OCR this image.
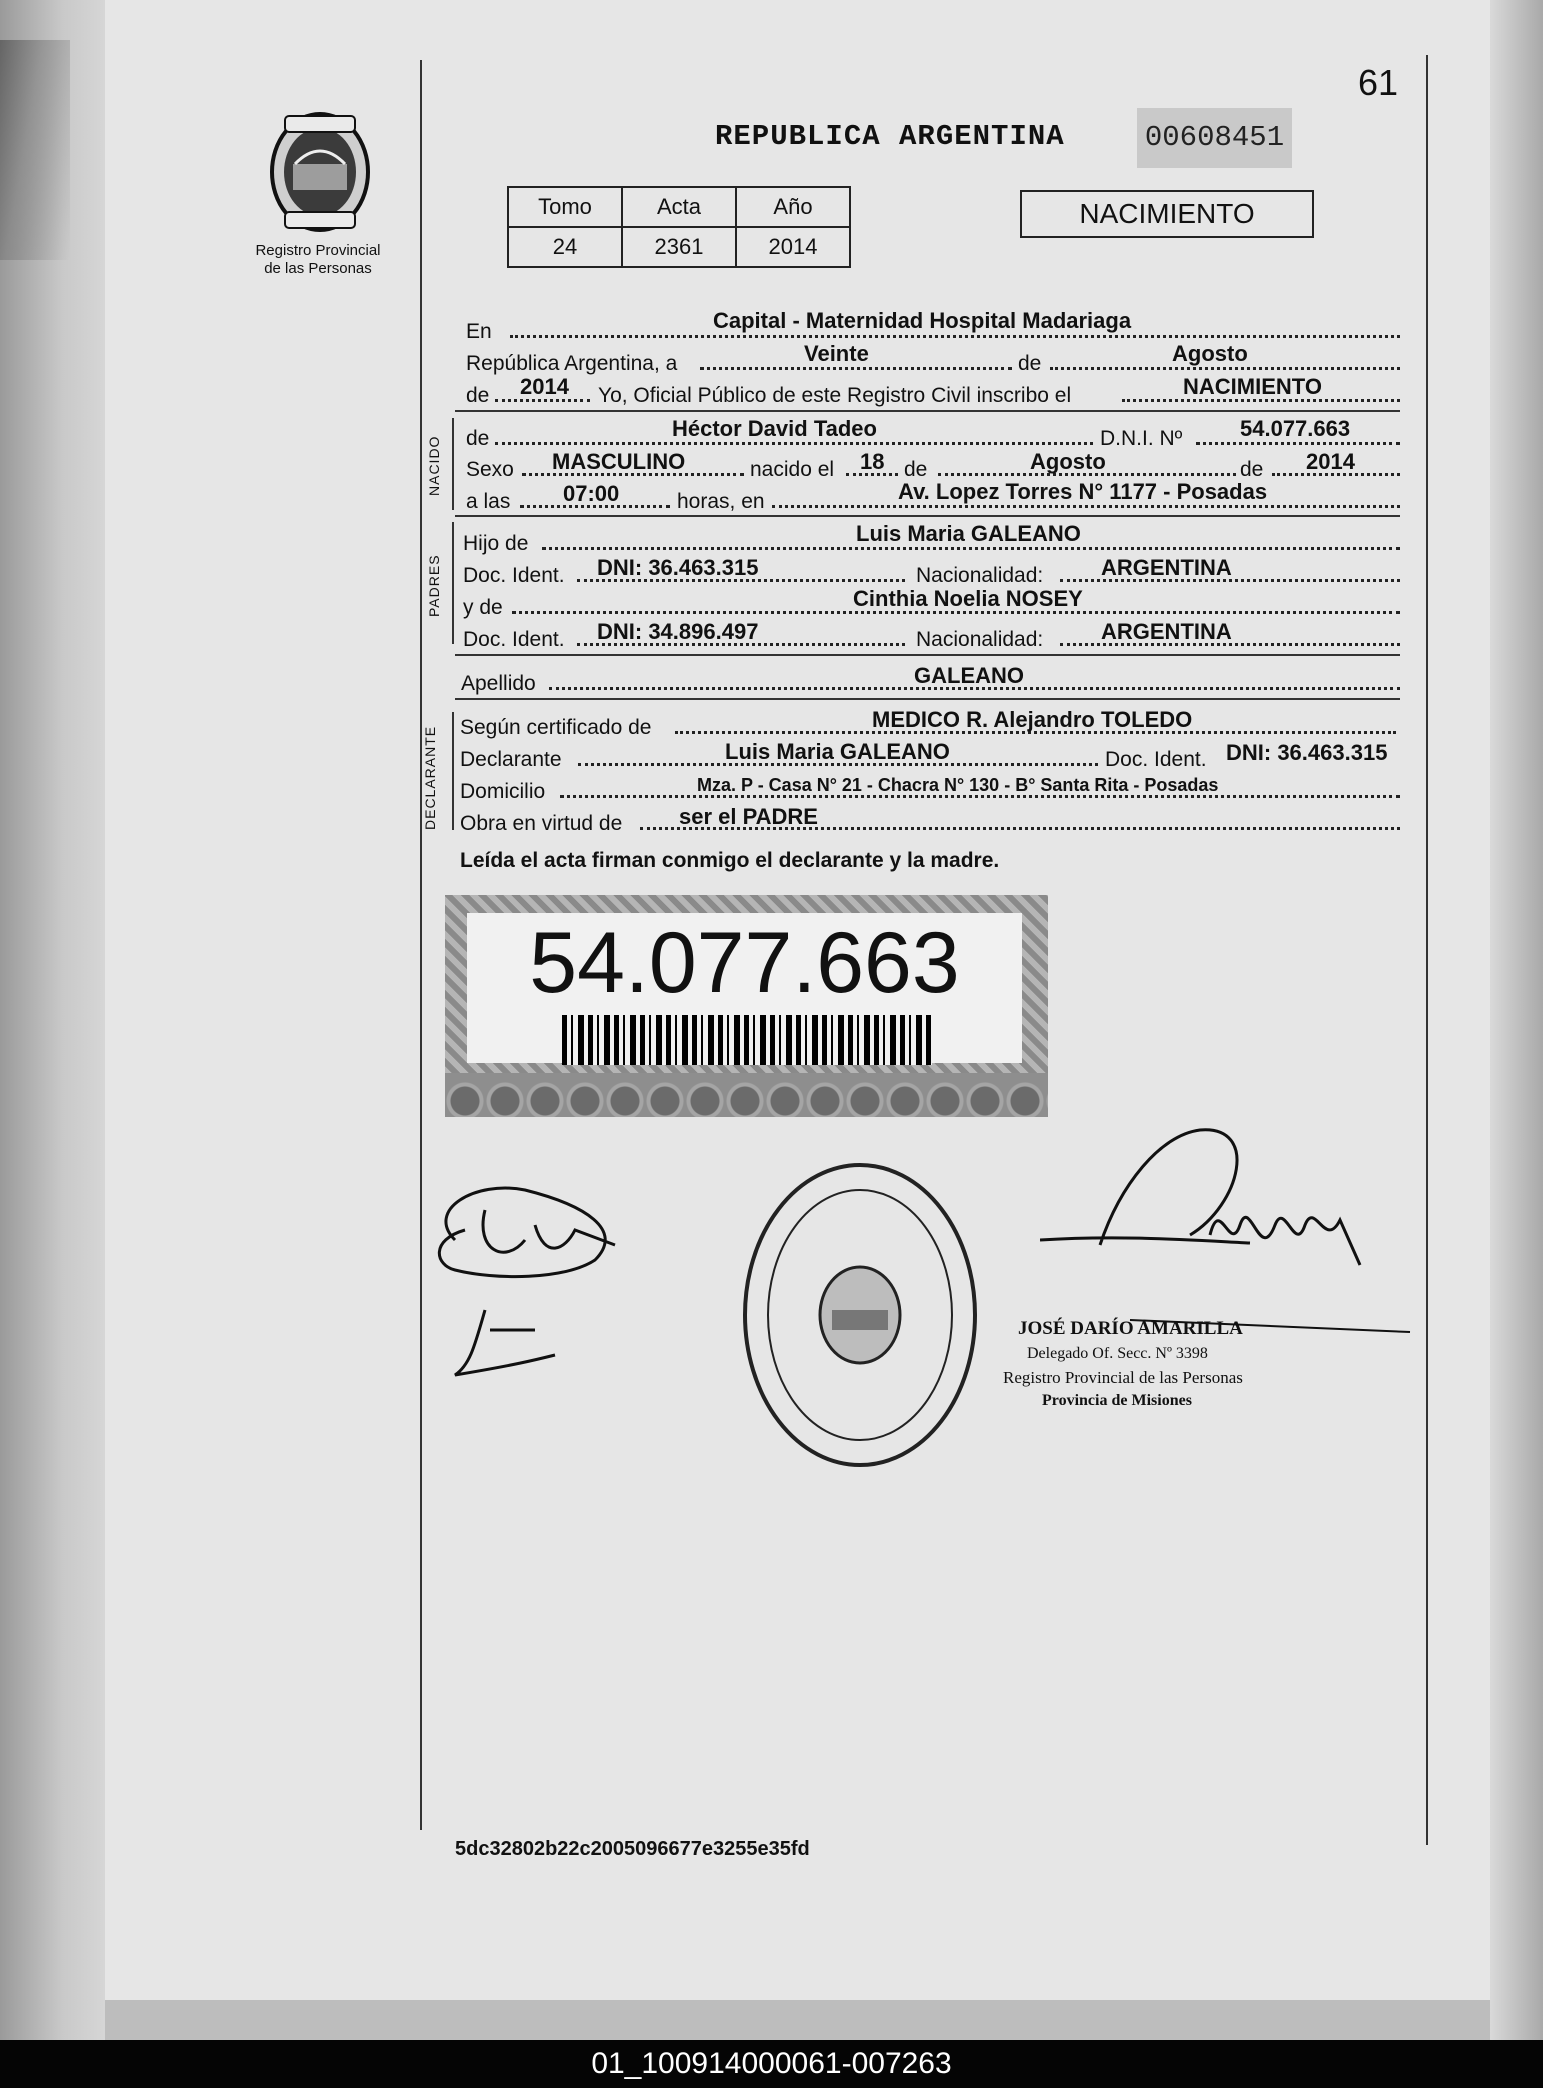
Registro Provincial
de las Personas
61
REPUBLICA ARGENTINA	00608451
Tomo	Acta	Año
24	2361	2014
NACIMIENTO
En	Capital - Maternidad Hospital Madariaga
República Argentina, a	Veinte	de	Agosto
de 2014 Yo, Oficial Público de este Registro Civil inscribo el	NACIMIENTO
NACIDO de	Héctor David Tadeo	D.N.I. Nº	54.077.663
Sexo MASCULINO	nacido el 18 de	Agosto	de 2014
a las 07:00	horas, en	Av. Lopez Torres N° 1177 - Posadas
PADRES
Hijo de	Luis Maria GALEANO
Doc. Ident. DNI: 36.463.315	Nacionalidad:	ARGENTINA
y de	Cinthia Noelia NOSEY
Doc. Ident. DNI: 34.896.497	Nacionalidad:	ARGENTINA
Apellido	GALEANO
DECLARANTE Según certificado de	MEDICO R. Alejandro TOLEDO
Declarante	Luis Maria GALEANO	Doc. Ident. DNI: 36.463.315
Domicilio	Mza. P - Casa N° 21 - Chacra N° 130 - B° Santa Rita - Posadas
Obra en virtud de	ser el PADRE
Leída el acta firman conmigo el declarante y la madre.
54.077.663
JOSÉ DARÍO AMARILLA
Delegado Of. Secc. Nº 3398
Registro Provincial de las Personas
Provincia de Misiones
5dc32802b22c2005096677e3255e35fd
01_100914000061-007263
